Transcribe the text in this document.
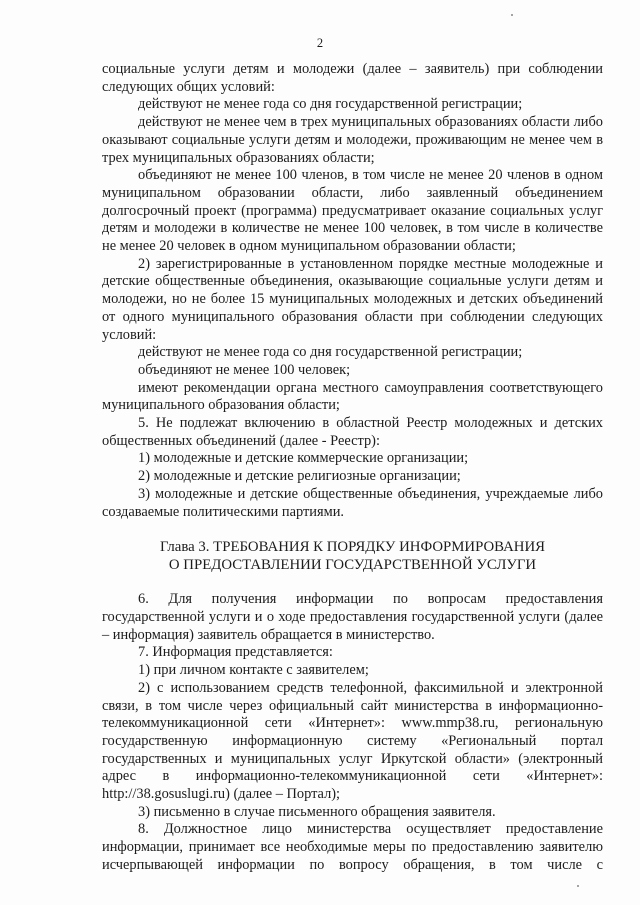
2

социальные услуги детям и молодежи (далее – заявитель) при соблюдении следующих общих условий:

действуют не менее года со дня государственной регистрации;

действуют не менее чем в трех муниципальных образованиях области либо оказывают социальные услуги детям и молодежи, проживающим не менее чем в трех муниципальных образованиях области;

объединяют не менее 100 членов, в том числе не менее 20 членов в одном муниципальном образовании области, либо заявленный объединением долгосрочный проект (программа) предусматривает оказание социальных услуг детям и молодежи в количестве не менее 100 человек, в том числе в количестве не менее 20 человек в одном муниципальном образовании области;

2) зарегистрированные в установленном порядке местные молодежные и детские общественные объединения, оказывающие социальные услуги детям и молодежи, но не более 15 муниципальных молодежных и детских объединений от одного муниципального образования области при соблюдении следующих условий:

действуют не менее года со дня государственной регистрации;

объединяют не менее 100 человек;

имеют рекомендации органа местного самоуправления соответствующего муниципального образования области;

5. Не подлежат включению в областной Реестр молодежных и детских общественных объединений (далее - Реестр):

1) молодежные и детские коммерческие организации;

2) молодежные и детские религиозные организации;

3) молодежные и детские общественные объединения, учреждаемые либо создаваемые политическими партиями.

Глава 3. ТРЕБОВАНИЯ К ПОРЯДКУ ИНФОРМИРОВАНИЯ
О ПРЕДОСТАВЛЕНИИ ГОСУДАРСТВЕННОЙ УСЛУГИ

6. Для получения информации по вопросам предоставления государственной услуги и о ходе предоставления государственной услуги (далее – информация) заявитель обращается в министерство.

7. Информация представляется:

1) при личном контакте с заявителем;

2) с использованием средств телефонной, факсимильной и электронной связи, в том числе через официальный сайт министерства в информационно-телекоммуникационной сети «Интернет»: www.mmp38.ru, региональную государственную информационную систему «Региональный портал государственных и муниципальных услуг Иркутской области» (электронный адрес в информационно-телекоммуникационной сети «Интернет»: http://38.gosuslugi.ru) (далее – Портал);

3) письменно в случае письменного обращения заявителя.

8. Должностное лицо министерства осуществляет предоставление информации, принимает все необходимые меры по предоставлению заявителю исчерпывающей информации по вопросу обращения, в том числе с
